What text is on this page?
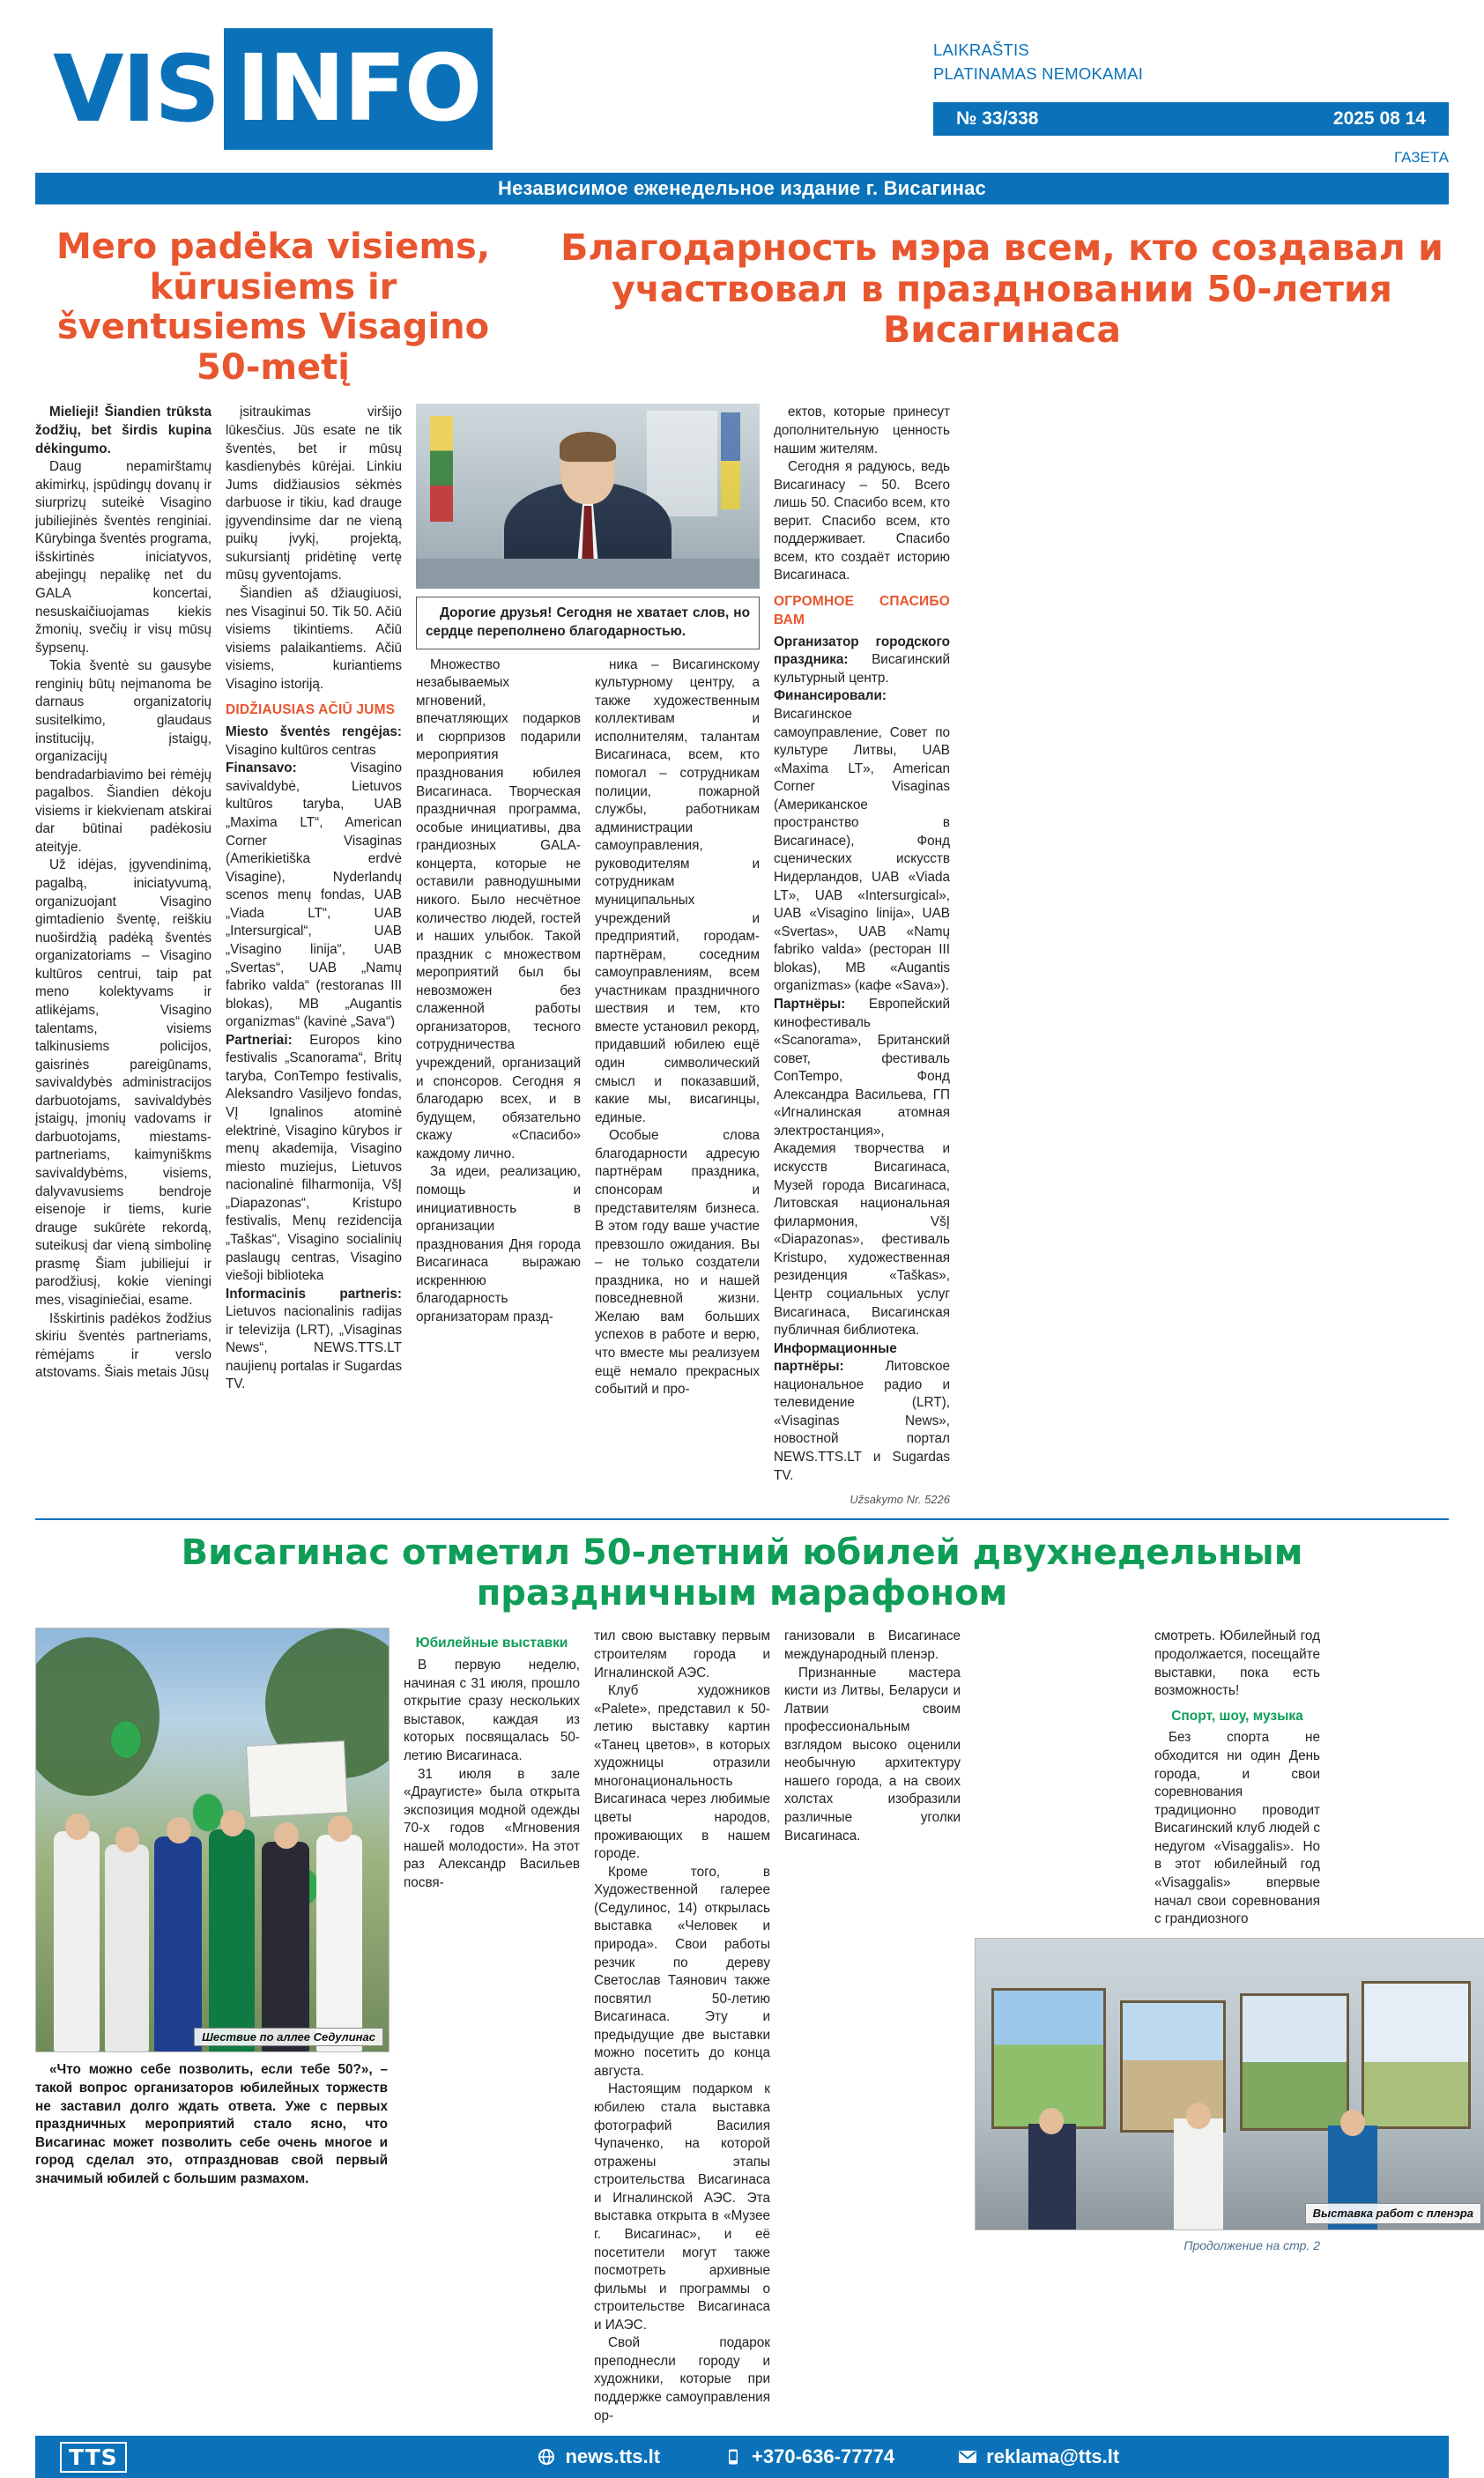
VIS INFO	LAIKRAŠTIS
PLATINAMAS NEMOKAMAI
№ 33/338	2025 08 14
ГАЗЕТА
РАСПРОСТРАНЯЕТСЯ БЕСПЛАТНО
Независимое еженедельное издание г. Висагинас
Mero padėka visiems, kūrusiems ir šventusiems Visagino 50-metį
Благодарность мэра всем, кто создавал и участвовал в праздновании 50-летия Висагинаса

Mielieji! Šiandien trūksta žodžių, bet širdis kupina dėkingumo.

Daug nepamirštamų akimirkų, įspūdingų dovanų ir siurprizų suteikė Visagino jubiliejinės šventės renginiai. Kūrybinga šventės programa, išskirtinės iniciatyvos, abejingų nepalikę net du GALA koncertai, nesuskaičiuojamas kiekis žmonių, svečių ir visų mūsų šypsenų.

Tokia šventė su gausybe renginių būtų neįmanoma be darnaus organizatorių susitelkimo, glaudaus institucijų, įstaigų, organizacijų bendradarbiavimo bei rėmėjų pagalbos. Šiandien dėkoju visiems ir kiekvienam atskirai dar būtinai padėkosiu ateityje.

Už idėjas, įgyvendinimą, pagalbą, iniciatyvumą, organizuojant Visagino gimtadienio šventę, reiškiu nuoširdžią padėką šventės organizatoriams – Visagino kultūros centrui, taip pat meno kolektyvams ir atlikėjams, Visagino talentams, visiems talkinusiems policijos, gaisrinės pareigūnams, savivaldybės administracijos darbuotojams, savivaldybės įstaigų, įmonių vadovams ir darbuotojams, miestams-partneriams, kaimyniškms savivaldybėms, visiems, dalyvavusiems bendroje eisenoje ir tiems, kurie drauge sukūrėte rekordą, suteikusį dar vieną simbolinę prasmę Šiam jubiliejui ir parodžiusį, kokie vieningi mes, visaginiečiai, esame.

Išskirtinis padėkos žodžius skiriu šventės partneriams, rėmėjams ir verslo atstovams. Šiais metais Jūsų

įsitraukimas viršijo lūkesčius. Jūs esate ne tik šventės, bet ir mūsų kasdienybės kūrėjai. Linkiu Jums didžiausios sėkmės darbuose ir tikiu, kad drauge įgyvendinsime dar ne vieną puikų įvykį, projektą, sukursiantį pridėtinę vertę mūsų gyventojams.

Šiandien aš džiaugiuosi, nes Visaginui 50. Tik 50. Ačiū visiems tikintiems. Ačiū visiems palaikantiems. Ačiū visiems, kuriantiems Visagino istoriją.

DIDŽIAUSIAS AČIŪ JUMS

Miesto šventės rengėjas: Visagino kultūros centras

Finansavo: Visagino savivaldybė, Lietuvos kultūros taryba, UAB „Maxima LT“, American Corner Visaginas (Amerikietiška erdvė Visagine), Nyderlandų scenos menų fondas, UAB „Viada LT“, UAB „Intersurgical“, UAB „Visagino linija“, UAB „Svertas“, UAB „Namų fabriko valda“ (restoranas III blokas), MB „Augantis organizmas“ (kavinė „Sava“)

Partneriai: Europos kino festivalis „Scanorama“, Britų taryba, ConTempo festivalis, Aleksandro Vasiljevo fondas, VĮ Ignalinos atominė elektrinė, Visagino kūrybos ir menų akademija, Visagino miesto muziejus, Lietuvos nacionalinė filharmonija, VšĮ „Diapazonas“, Kristupo festivalis, Menų rezidencija „Taškas“, Visagino socialinių paslaugų centras, Visagino viešoji biblioteka

Informacinis partneris: Lietuvos nacionalinis radijas ir televizija (LRT), „Visaginas News“, NEWS.TTS.LT naujienų portalas ir Sugardas TV.

Дорогие друзья! Сегодня не хватает слов, но сердце переполнено благодарностью.

Множество незабываемых мгновений, впечатляющих подарков и сюрпризов подарили мероприятия празднования юбилея Висагинаса. Творческая праздничная программа, особые инициативы, два грандиозных GALA-концерта, которые не оставили равнодушными никого. Было несчётное количество людей, гостей и наших улыбок. Такой праздник с множеством мероприятий был бы невозможен без слаженной работы организаторов, тесного сотрудничества учреждений, организаций и спонсоров. Сегодня я благодарю всех, и в будущем, обязательно скажу «Спасибо» каждому лично.

За идеи, реализацию, помощь и инициативность в организации празднования Дня города Висагинаса выражаю искреннюю благодарность организаторам празд-

ника – Висагинскому культурному центру, а также художественным коллективам и исполнителям, талантам Висагинаса, всем, кто помогал – сотрудникам полиции, пожарной службы, работникам администрации самоуправления, руководителям и сотрудникам муниципальных учреждений и предприятий, городам-партнёрам, соседним самоуправлениям, всем участникам праздничного шествия и тем, кто вместе установил рекорд, придавший юбилею ещё один символический смысл и показавший, какие мы, висагинцы, единые.

Особые слова благодарности адресую партнёрам праздника, спонсорам и представителям бизнеса. В этом году ваше участие превзошло ожидания. Вы – не только создатели праздника, но и нашей повседневной жизни. Желаю вам больших успехов в работе и верю, что вместе мы реализуем ещё немало прекрасных событий и про-

ектов, которые принесут дополнительную ценность нашим жителям.

Сегодня я радуюсь, ведь Висагинасу – 50. Всего лишь 50. Спасибо всем, кто верит. Спасибо всем, кто поддерживает. Спасибо всем, кто создаёт историю Висагинаса.

ОГРОМНОЕ СПАСИБО ВАМ

Организатор городского праздника: Висагинский культурный центр.

Финансировали: Висагинское самоуправление, Совет по культуре Литвы, UAB «Maxima LT», American Corner Visaginas (Американское пространство в Висагинасе), Фонд сценических искусств Нидерландов, UAB «Viada LT», UAB «Intersurgical», UAB «Visagino linija», UAB «Svertas», UAB «Namų fabriko valda» (ресторан III blokas), MB «Augantis organizmas» (кафе «Sava»).

Партнёры: Европейский кинофестиваль «Scanorama», Британский совет, фестиваль ConTempo, Фонд Александра Васильева, ГП «Игналинская атомная электростанция», Академия творчества и искусств Висагинаса, Музей города Висагинаса, Литовская национальная филармония, VšĮ «Diapazonas», фестиваль Kristupo, художественная резиденция «Taškas», Центр социальных услуг Висагинаса, Висагинская публичная библиотека.

Информационные партнёры: Литовское национальное радио и телевидение (LRT), «Visaginas News», новостной портал NEWS.TTS.LT и Sugardas TV.

Užsakymo Nr. 5226
Висагинас отметил 50-летний юбилей двухнедельным праздничным марафоном
Шествие по аллее Седулинас

«Что можно себе позволить, если тебе 50?», – такой вопрос организаторов юбилейных торжеств не заставил долго ждать ответа. Уже с первых праздничных мероприятий стало ясно, что Висагинас может позволить себе очень многое и город сделал это, отпраздновав свой первый значимый юбилей с большим размахом.

Юбилейные выставки

В первую неделю, начиная с 31 июля, прошло открытие сразу нескольких выставок, каждая из которых посвящалась 50-летию Висагинаса.

31 июля в зале «Драугисте» была открыта экспозиция модной одежды 70-х годов «Мгновения нашей молодости». На этот раз Александр Васильев посвя-

тил свою выставку первым строителям города и Игналинской АЭС.

Клуб художников «Palete», представил к 50-летию выставку картин «Танец цветов», в которых художницы отразили многонациональность Висагинаса через любимые цветы народов, проживающих в нашем городе.

Кроме того, в Художественной галерее (Седулинос, 14) открылась выставка «Человек и природа». Свои работы резчик по дереву Светослав Таянович также посвятил 50-летию Висагинаса. Эту и предыдущие две выставки можно посетить до конца августа.

Настоящим подарком к юбилею стала выставка фотографий Василия Чупаченко, на которой отражены этапы строительства Висагинаса и Игналинской АЭС. Эта выставка открыта в «Музее г. Висагинас», и её посетители могут также посмотреть архивные фильмы и программы о строительстве Висагинаса и ИАЭС.

Свой подарок преподнесли городу и художники, которые при поддержке самоуправления ор-

ганизовали в Висагинасе международный пленэр.

Признанные мастера кисти из Литвы, Беларуси и Латвии своим профессиональным взглядом высоко оценили необычную архитектуру нашего города, а на своих холстах изобразили различные уголки Висагинаса.

смотреть. Юбилейный год продолжается, посещайте выставки, пока есть возможность!

Спорт, шоу, музыка

Без спорта не обходится ни один День города, и свои соревнования традиционно проводит Висагинский клуб людей с недугом «Visaggalis». Но в этот юбилейный год «Visaggalis» впервые начал свои соревнования с грандиозного

Выставка работ с пленэра
Продолжение на стр. 2
TTS	news.tts.lt	+370-636-77774	reklama@tts.lt
